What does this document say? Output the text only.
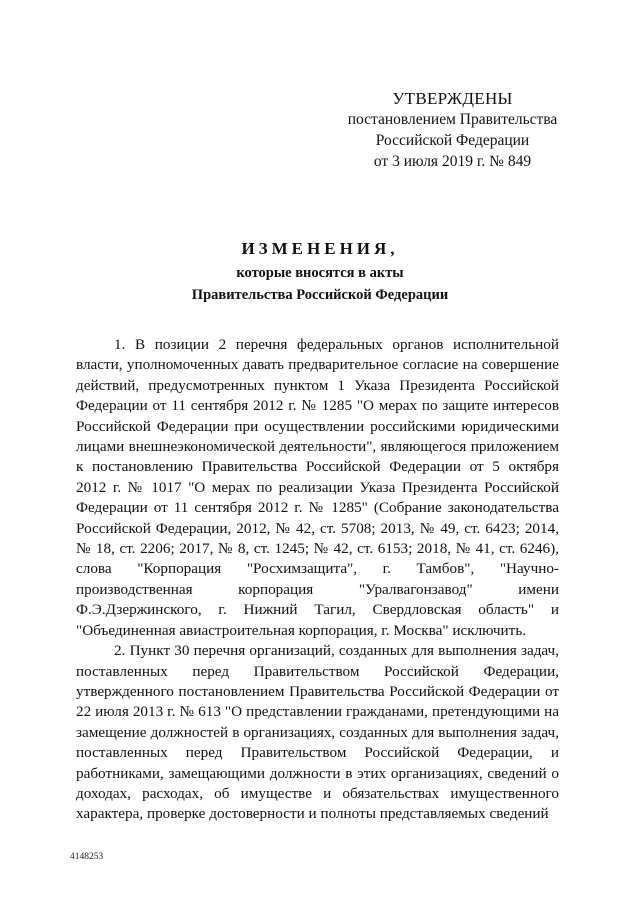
УТВЕРЖДЕНЫ
постановлением Правительства
Российской Федерации
от 3 июля 2019 г. № 849
ИЗМЕНЕНИЯ,
которые вносятся в акты
Правительства Российской Федерации

1. В позиции 2 перечня федеральных органов исполнительной власти, уполномоченных давать предварительное согласие на совершение действий, предусмотренных пунктом 1 Указа Президента Российской Федерации от 11 сентября 2012 г. № 1285 "О мерах по защите интересов Российской Федерации при осуществлении российскими юридическими лицами внешнеэкономической деятельности", являющегося приложением к постановлению Правительства Российской Федерации от 5 октября 2012 г. № 1017 "О мерах по реализации Указа Президента Российской Федерации от 11 сентября 2012 г. № 1285" (Собрание законодательства Российской Федерации, 2012, № 42, ст. 5708; 2013, № 49, ст. 6423; 2014, № 18, ст. 2206; 2017, № 8, ст. 1245; № 42, ст. 6153; 2018, № 41, ст. 6246), слова "Корпорация "Росхимзащита", г. Тамбов", "Научно-производственная корпорация "Уралвагонзавод" имени Ф.Э.Дзержинского, г. Нижний Тагил, Свердловская область" и "Объединенная авиастроительная корпорация, г. Москва" исключить.

2. Пункт 30 перечня организаций, созданных для выполнения задач, поставленных перед Правительством Российской Федерации, утвержденного постановлением Правительства Российской Федерации от 22 июля 2013 г. № 613 "О представлении гражданами, претендующими на замещение должностей в организациях, созданных для выполнения задач, поставленных перед Правительством Российской Федерации, и работниками, замещающими должности в этих организациях, сведений о доходах, расходах, об имуществе и обязательствах имущественного характера, проверке достоверности и полноты представляемых сведений

4148253
